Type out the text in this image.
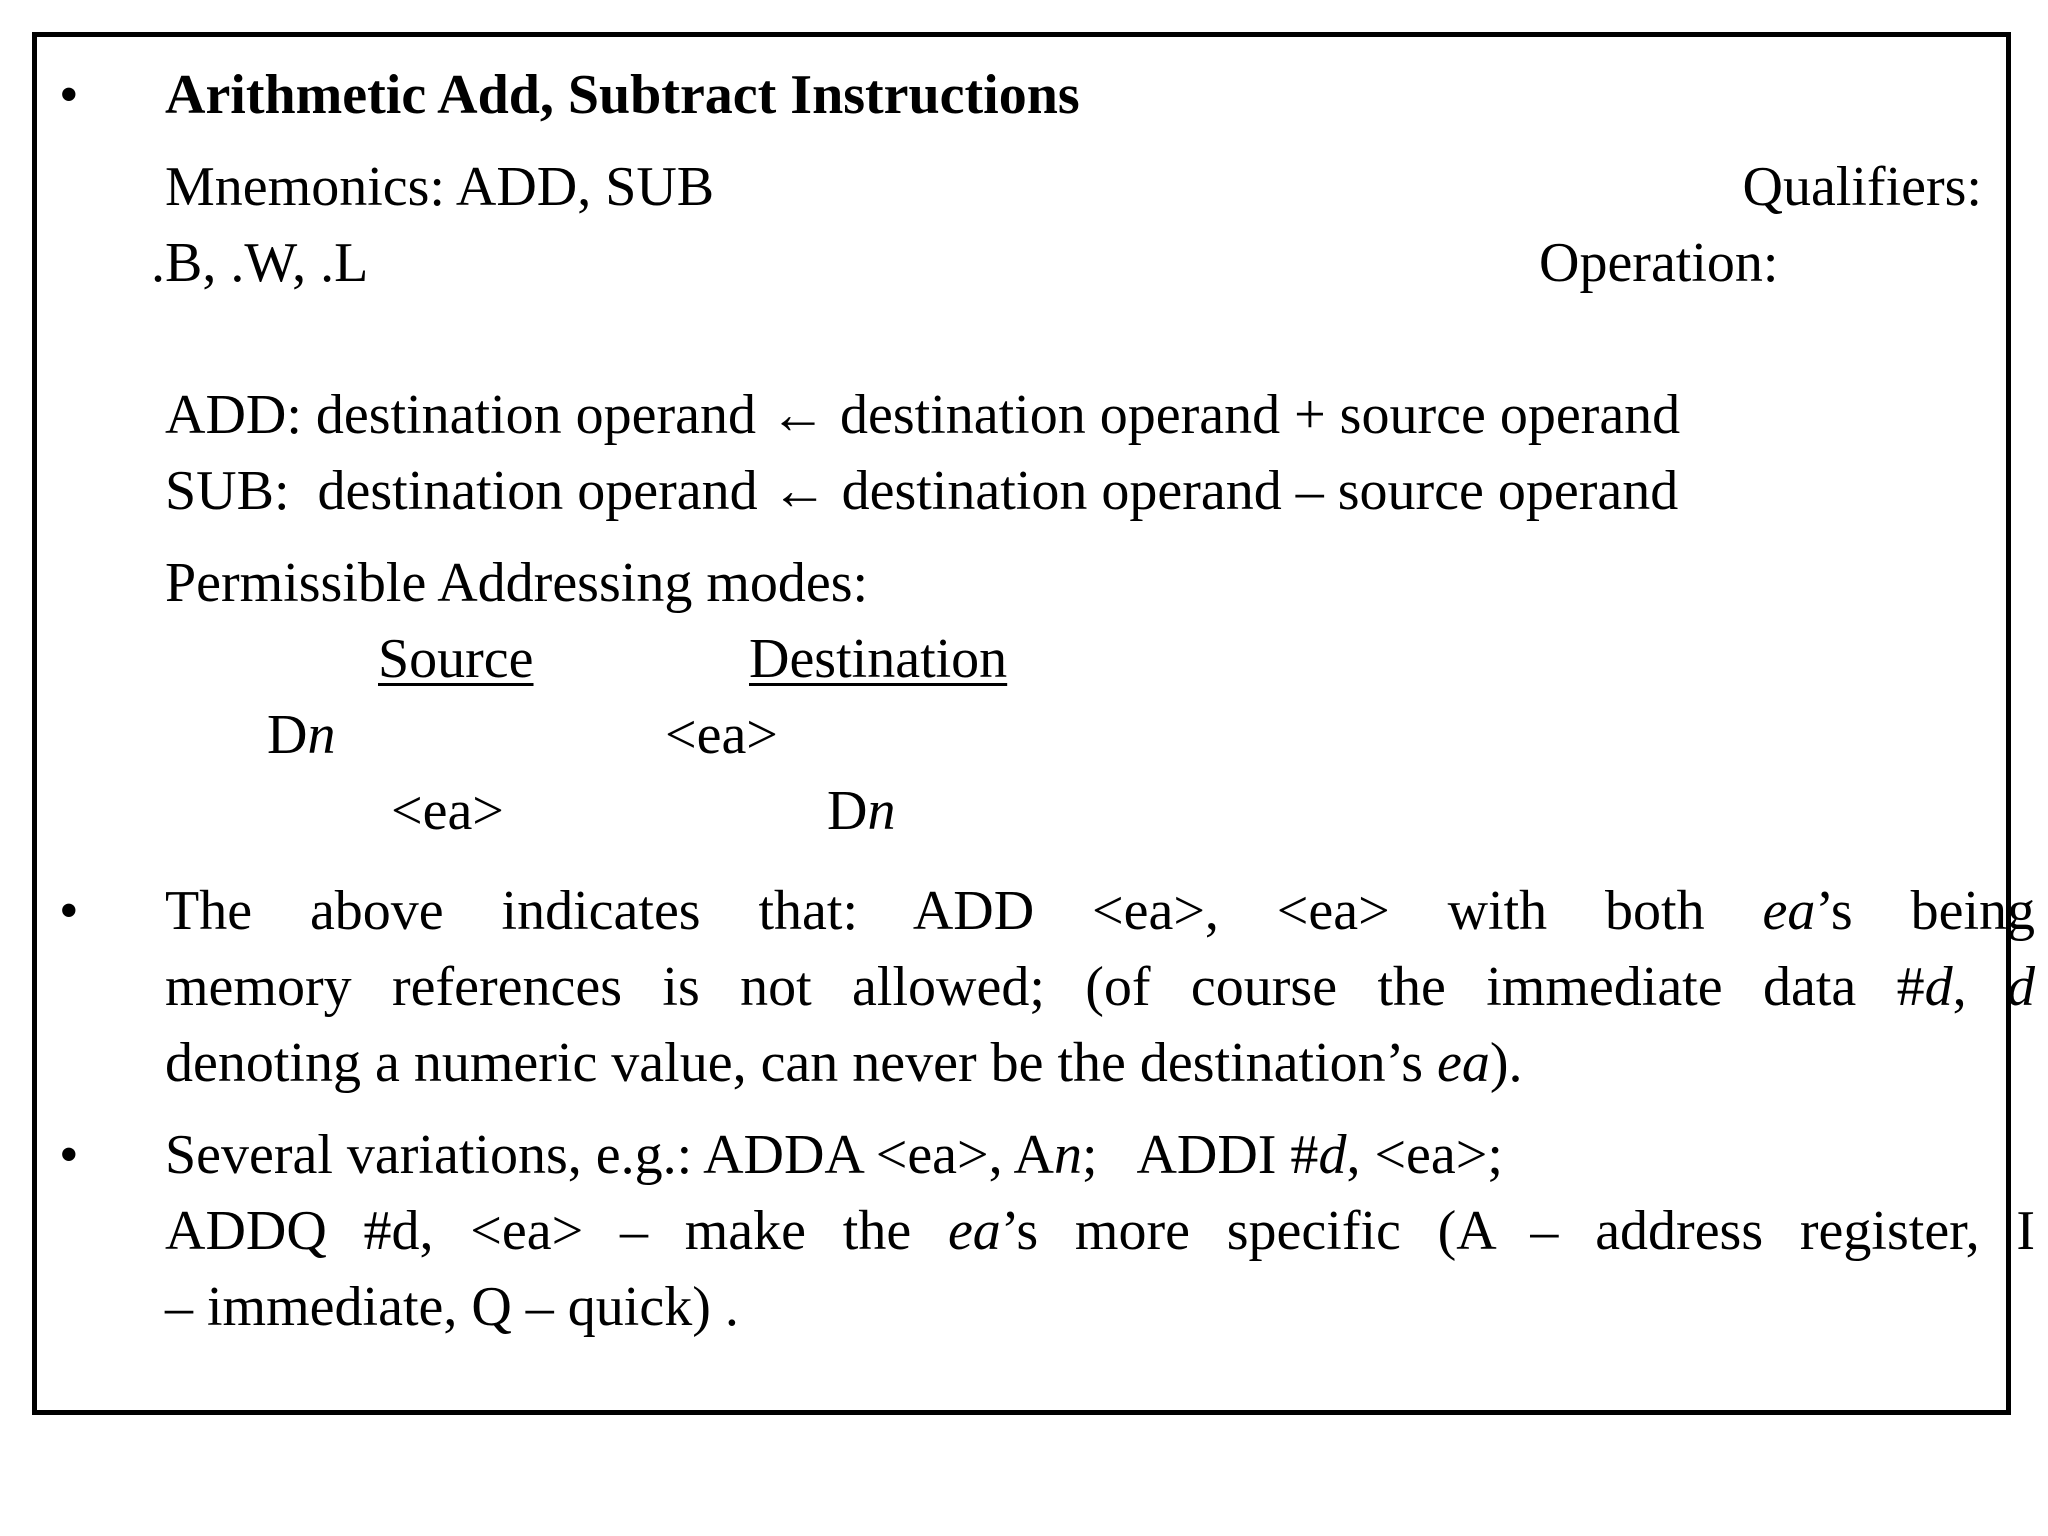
• Arithmetic Add, Subtract Instructions
Mnemonics: ADD, SUB	Qualifiers:
.B, .W, .L	Operation:
ADD: destination operand ← destination operand + source operand
SUB:  destination operand ← destination operand – source operand
Permissible Addressing modes:
Source	Destination
Dn	<ea>
<ea>	Dn
• The above indicates that: ADD <ea>, <ea> with both ea’s being
memory references is not allowed; (of course the immediate data #d, d
denoting a numeric value, can never be the destination’s ea).
• Several variations, e.g.: ADDA <ea>, An;   ADDI #d, <ea>;
ADDQ #d, <ea> – make the ea’s more specific (A – address register, I
– immediate, Q – quick) .
